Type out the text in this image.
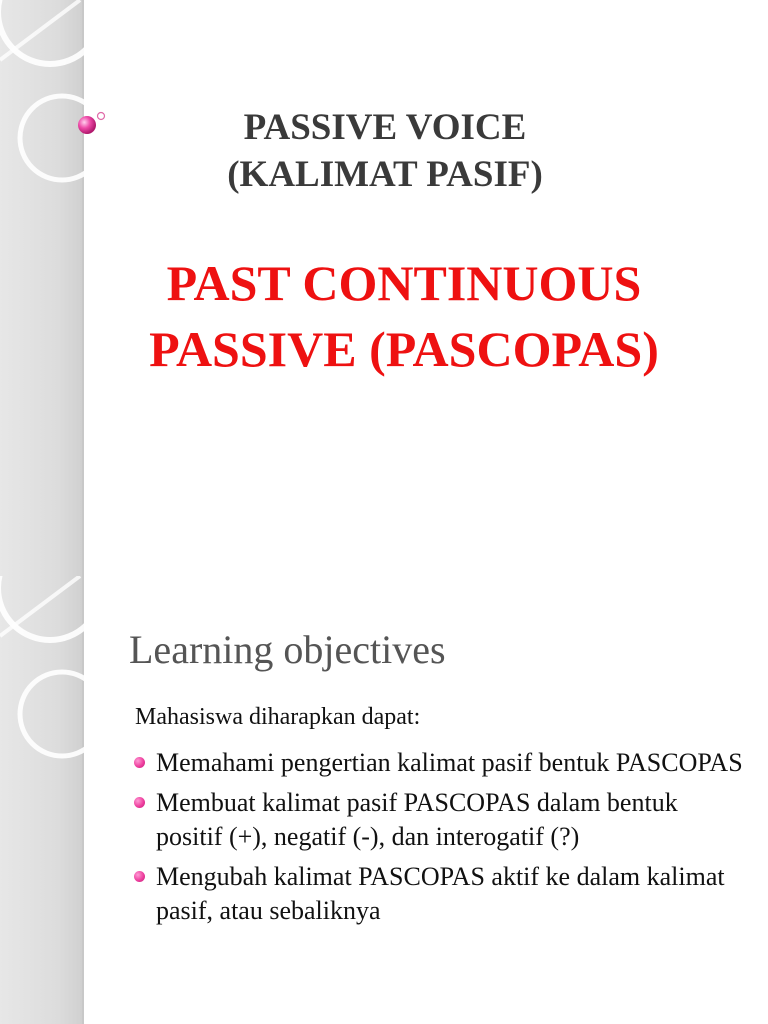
PASSIVE VOICE
(KALIMAT PASIF)
PAST CONTINUOUS
PASSIVE (PASCOPAS)
Learning objectives
Mahasiswa diharapkan dapat:
Memahami pengertian kalimat pasif bentuk PASCOPAS
Membuat kalimat pasif PASCOPAS dalam bentuk positif (+), negatif (-), dan interogatif (?)
Mengubah kalimat PASCOPAS aktif ke dalam kalimat pasif, atau sebaliknya
